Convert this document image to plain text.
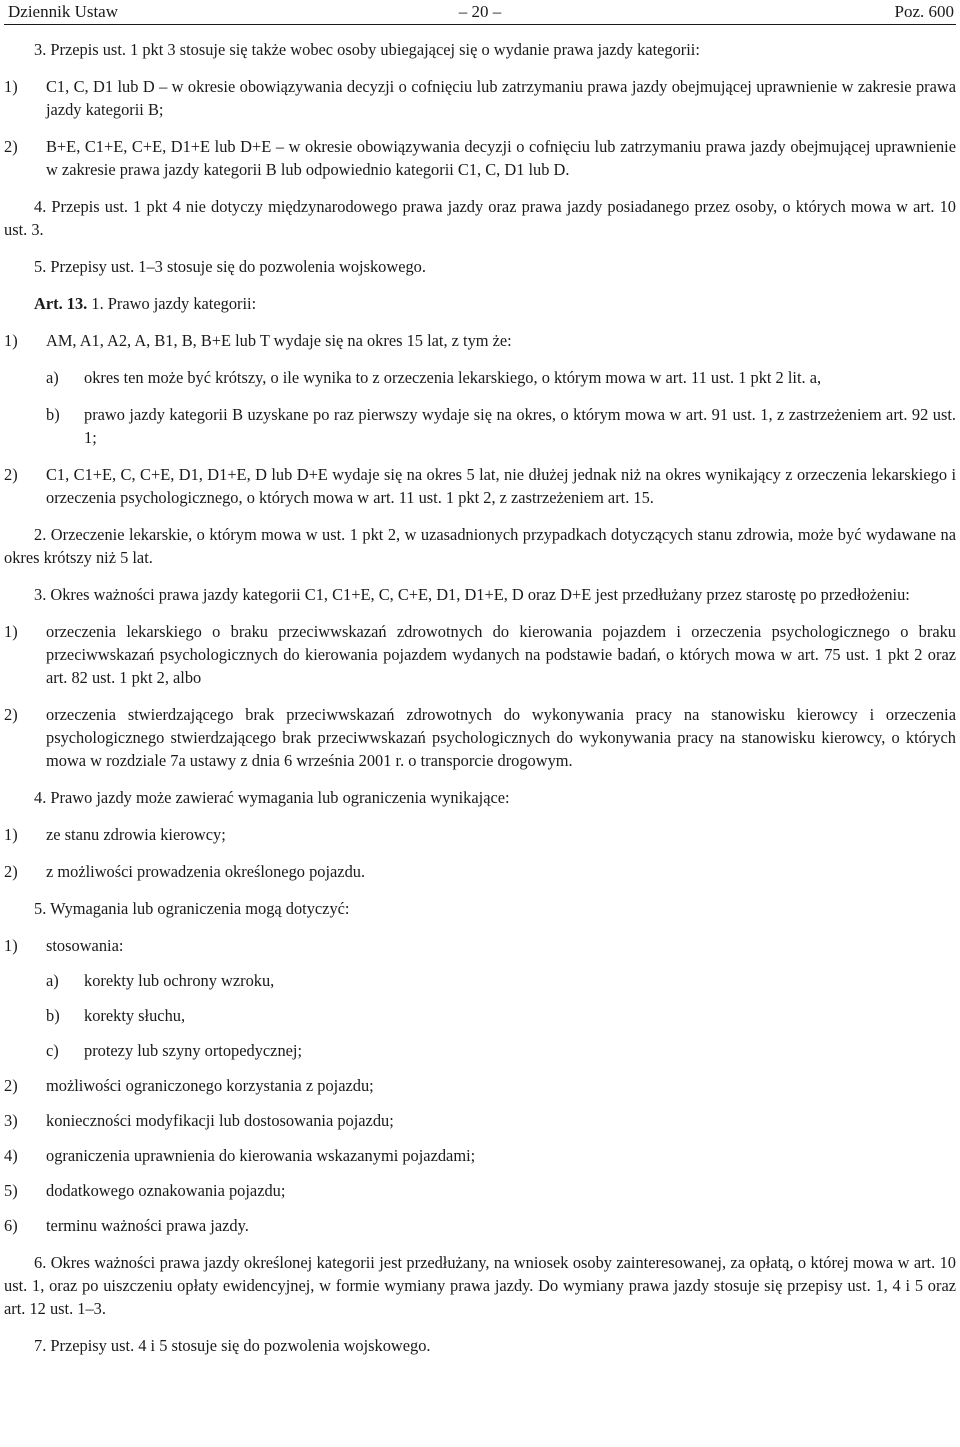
Dziennik Ustaw	– 20 –	Poz. 600

3. Przepis ust. 1 pkt 3 stosuje się także wobec osoby ubiegającej się o wydanie prawa jazdy kategorii:

1)	C1, C, D1 lub D – w okresie obowiązywania decyzji o cofnięciu lub zatrzymaniu prawa jazdy obejmującej uprawnienie w zakresie prawa jazdy kategorii B;
2)	B+E, C1+E, C+E, D1+E lub D+E – w okresie obowiązywania decyzji o cofnięciu lub zatrzymaniu prawa jazdy obejmującej uprawnienie w zakresie prawa jazdy kategorii B lub odpowiednio kategorii C1, C, D1 lub D.

4. Przepis ust. 1 pkt 4 nie dotyczy międzynarodowego prawa jazdy oraz prawa jazdy posiadanego przez osoby, o których mowa w art. 10 ust. 3.

5. Przepisy ust. 1–3 stosuje się do pozwolenia wojskowego.

Art. 13. 1. Prawo jazdy kategorii:

1)	AM, A1, A2, A, B1, B, B+E lub T wydaje się na okres 15 lat, z tym że:
a)	okres ten może być krótszy, o ile wynika to z orzeczenia lekarskiego, o którym mowa w art. 11 ust. 1 pkt 2 lit. a,
b)	prawo jazdy kategorii B uzyskane po raz pierwszy wydaje się na okres, o którym mowa w art. 91 ust. 1, z zastrzeżeniem art. 92 ust. 1;
2)	C1, C1+E, C, C+E, D1, D1+E, D lub D+E wydaje się na okres 5 lat, nie dłużej jednak niż na okres wynikający z orzeczenia lekarskiego i orzeczenia psychologicznego, o których mowa w art. 11 ust. 1 pkt 2, z zastrzeżeniem art. 15.

2. Orzeczenie lekarskie, o którym mowa w ust. 1 pkt 2, w uzasadnionych przypadkach dotyczących stanu zdrowia, może być wydawane na okres krótszy niż 5 lat.

3. Okres ważności prawa jazdy kategorii C1, C1+E, C, C+E, D1, D1+E, D oraz D+E jest przedłużany przez starostę po przedłożeniu:

1)	orzeczenia lekarskiego o braku przeciwwskazań zdrowotnych do kierowania pojazdem i orzeczenia psychologicznego o braku przeciwwskazań psychologicznych do kierowania pojazdem wydanych na podstawie badań, o których mowa w art. 75 ust. 1 pkt 2 oraz art. 82 ust. 1 pkt 2, albo
2)	orzeczenia stwierdzającego brak przeciwwskazań zdrowotnych do wykonywania pracy na stanowisku kierowcy i orzeczenia psychologicznego stwierdzającego brak przeciwwskazań psychologicznych do wykonywania pracy na stanowisku kierowcy, o których mowa w rozdziale 7a ustawy z dnia 6 września 2001 r. o transporcie drogowym.

4. Prawo jazdy może zawierać wymagania lub ograniczenia wynikające:

1)	ze stanu zdrowia kierowcy;
2)	z możliwości prowadzenia określonego pojazdu.

5. Wymagania lub ograniczenia mogą dotyczyć:

1)	stosowania:
a)	korekty lub ochrony wzroku,
b)	korekty słuchu,
c)	protezy lub szyny ortopedycznej;
2)	możliwości ograniczonego korzystania z pojazdu;
3)	konieczności modyfikacji lub dostosowania pojazdu;
4)	ograniczenia uprawnienia do kierowania wskazanymi pojazdami;
5)	dodatkowego oznakowania pojazdu;
6)	terminu ważności prawa jazdy.

6. Okres ważności prawa jazdy określonej kategorii jest przedłużany, na wniosek osoby zainteresowanej, za opłatą, o której mowa w art. 10 ust. 1, oraz po uiszczeniu opłaty ewidencyjnej, w formie wymiany prawa jazdy. Do wymiany prawa jazdy stosuje się przepisy ust. 1, 4 i 5 oraz art. 12 ust. 1–3.

7. Przepisy ust. 4 i 5 stosuje się do pozwolenia wojskowego.
